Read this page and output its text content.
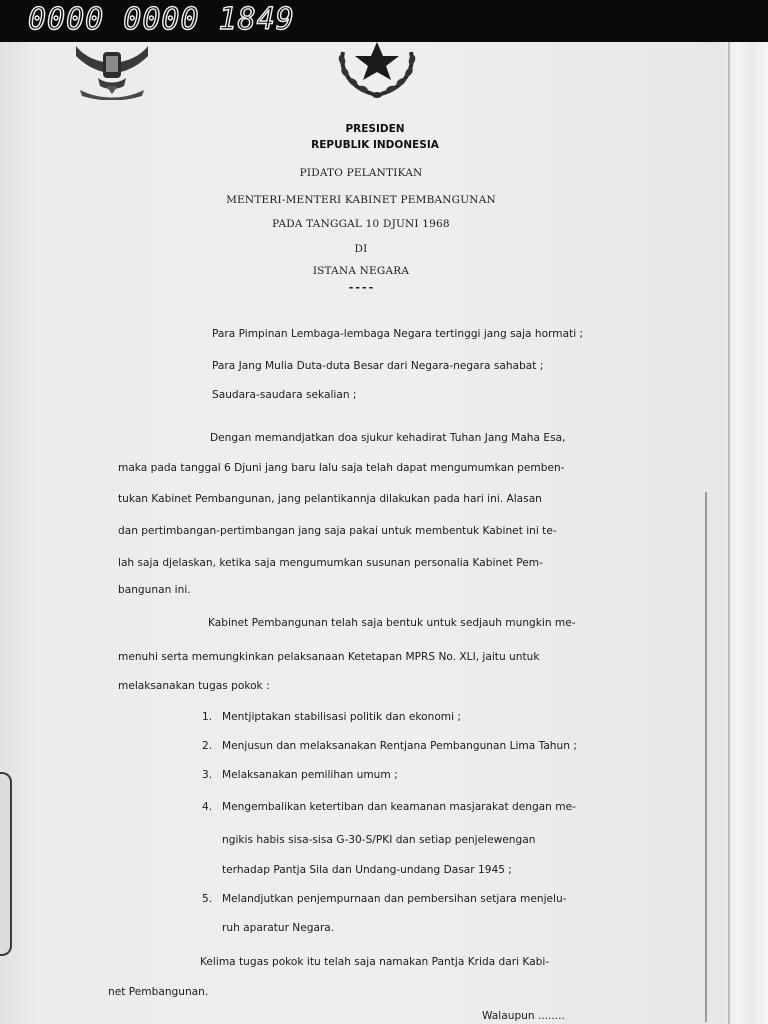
0000 0000 1849
PRESIDEN
REPUBLIK INDONESIA
PIDATO PELANTIKAN
MENTERI-MENTERI KABINET PEMBANGUNAN
PADA TANGGAL 10 DJUNI 1968
DI
ISTANA NEGARA
----
Para Pimpinan Lembaga-lembaga Negara tertinggi jang saja hormati ;
Para Jang Mulia Duta-duta Besar dari Negara-negara sahabat ;
Saudara-saudara sekalian ;
Dengan memandjatkan doa sjukur kehadirat Tuhan Jang Maha Esa,
maka pada tanggal 6 Djuni jang baru lalu saja telah dapat mengumumkan pemben-
tukan Kabinet Pembangunan, jang pelantikannja dilakukan pada hari ini. Alasan
dan pertimbangan-pertimbangan jang saja pakai untuk membentuk Kabinet ini te-
lah saja djelaskan, ketika saja mengumumkan susunan personalia Kabinet Pem-
bangunan ini.
Kabinet Pembangunan telah saja bentuk untuk sedjauh mungkin me-
menuhi serta memungkinkan pelaksanaan Ketetapan MPRS No. XLI, jaitu untuk
melaksanakan tugas pokok :
1. Mentjiptakan stabilisasi politik dan ekonomi ;
2. Menjusun dan melaksanakan Rentjana Pembangunan Lima Tahun ;
3. Melaksanakan pemilihan umum ;
4. Mengembalikan ketertiban dan keamanan masjarakat dengan me-
ngikis habis sisa-sisa G-30-S/PKI dan setiap penjelewengan
terhadap Pantja Sila dan Undang-undang Dasar 1945 ;
5. Melandjutkan penjempurnaan dan pembersihan setjara menjelu-
ruh aparatur Negara.
Kelima tugas pokok itu telah saja namakan Pantja Krida dari Kabi-
net Pembangunan.
Walaupun ........
